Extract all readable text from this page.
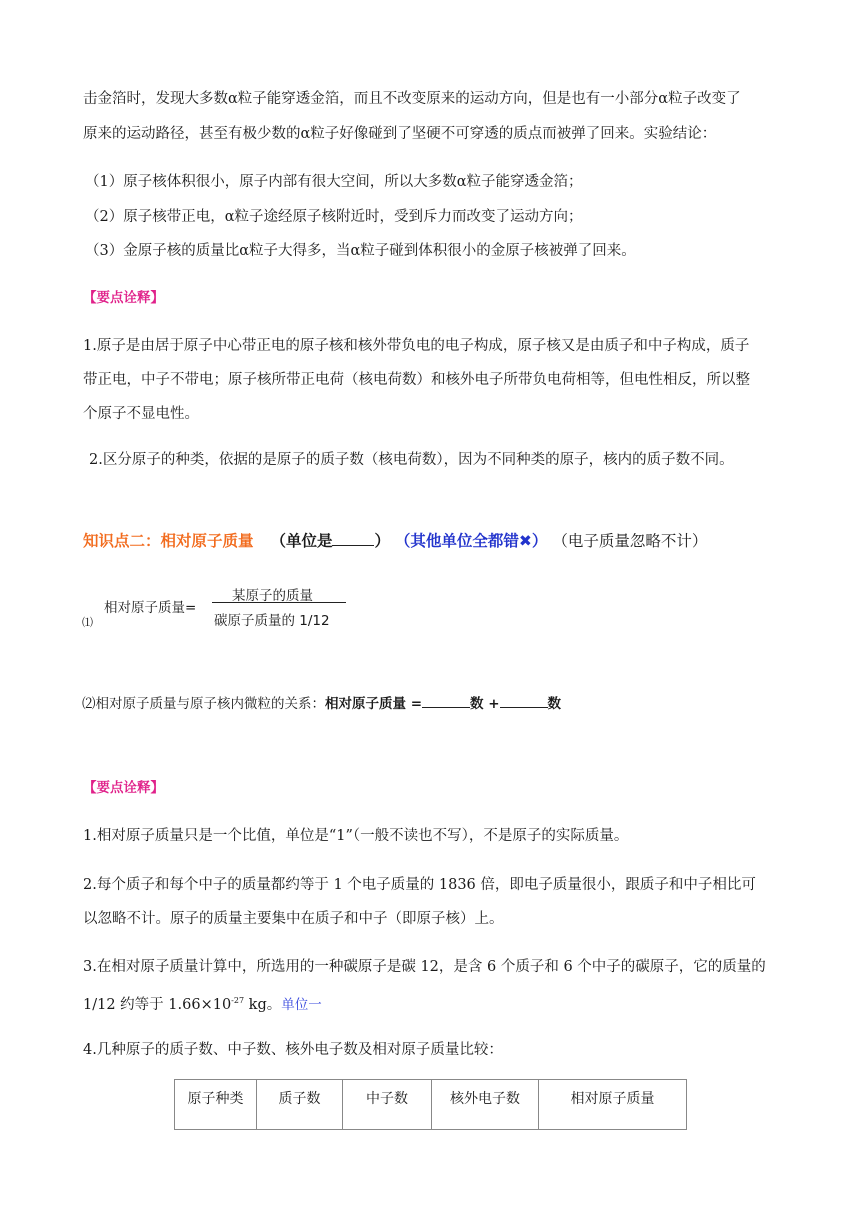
击金箔时，发现大多数α粒子能穿透金箔，而且不改变原来的运动方向，但是也有一小部分α粒子改变了
原来的运动路径，甚至有极少数的α粒子好像碰到了坚硬不可穿透的质点而被弹了回来。实验结论：
（1）原子核体积很小，原子内部有很大空间，所以大多数α粒子能穿透金箔；
（2）原子核带正电，α粒子途经原子核附近时，受到斥力而改变了运动方向；
（3）金原子核的质量比α粒子大得多，当α粒子碰到体积很小的金原子核被弹了回来。
【要点诠释】
1.原子是由居于原子中心带正电的原子核和核外带负电的电子构成，原子核又是由质子和中子构成，质子
带正电，中子不带电；原子核所带正电荷（核电荷数）和核外电子所带负电荷相等，但电性相反，所以整
个原子不显电性。
2.区分原子的种类，依据的是原子的质子数（核电荷数），因为不同种类的原子，核内的质子数不同。
知识点二：相对原子质量 （单位是	） （其他单位全都错✖） （电子质量忽略不计）
相对原子质量=
某原子的质量
碳原子质量的 1/12
⑴
⑵相对原子质量与原子核内微粒的关系：相对原子质量 =	数 +	数
【要点诠释】
1.相对原子质量只是一个比值，单位是“1”（一般不读也不写），不是原子的实际质量。
2.每个质子和每个中子的质量都约等于 1 个电子质量的 1836 倍，即电子质量很小，跟质子和中子相比可
以忽略不计。原子的质量主要集中在质子和中子（即原子核）上。
3.在相对原子质量计算中，所选用的一种碳原子是碳 12，是含 6 个质子和 6 个中子的碳原子，它的质量的
1/12 约等于 $1.66\times 10^{-27}$ kg。单位一
4.几种原子的质子数、中子数、核外电子数及相对原子质量比较：
原子种类	质子数	中子数	核外电子数	相对原子质量
